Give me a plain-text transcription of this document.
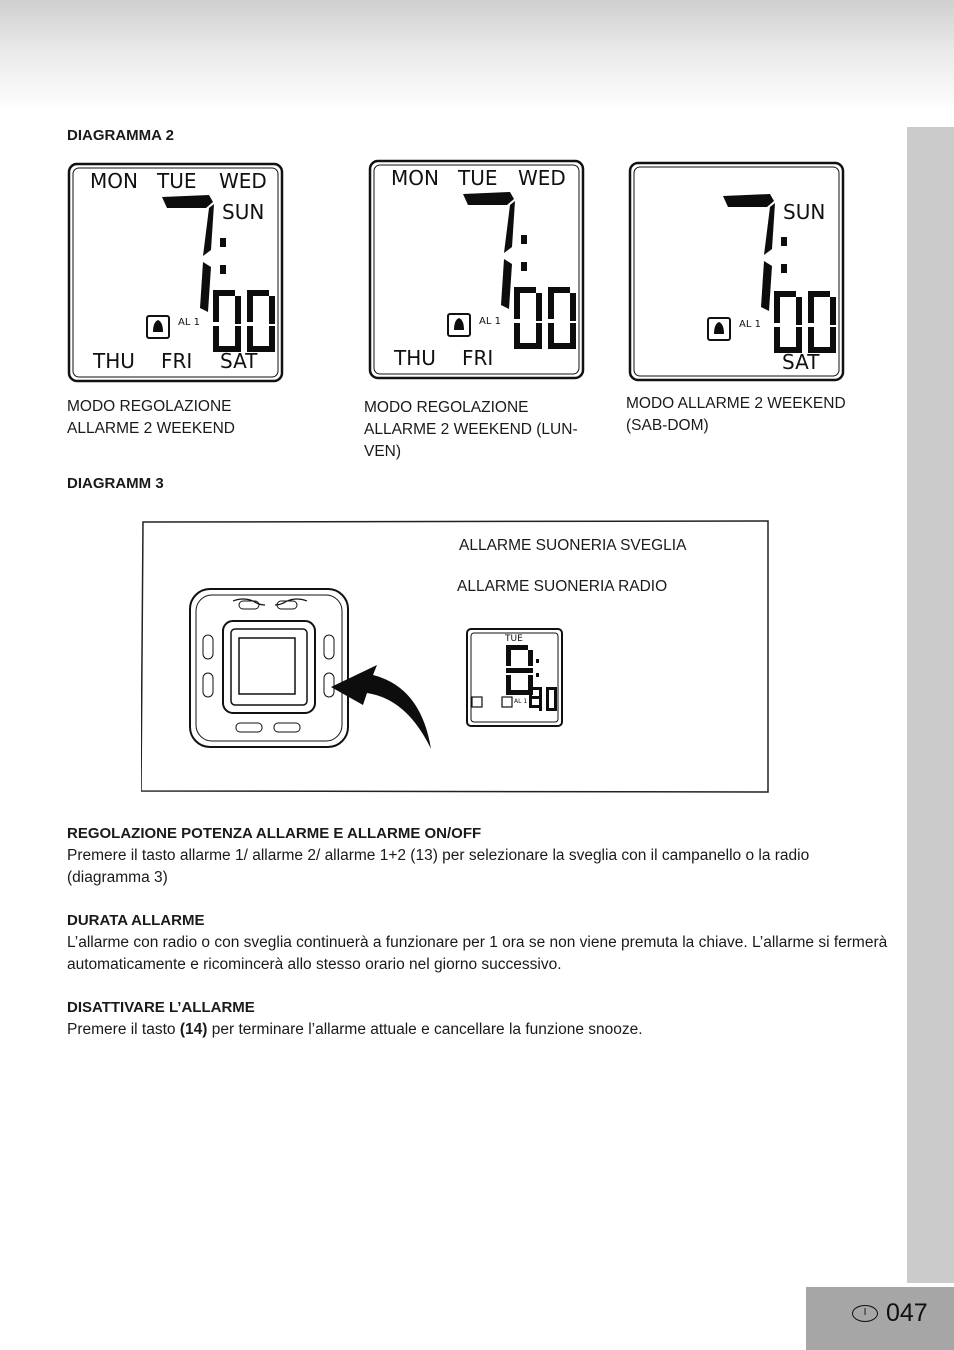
DIAGRAMMA 2

MON TUE WED
SUN
AL 1
THU FRI SAT
MON TUE WED
AL 1
THU FRI
SUN
AL 1
SAT

MODO REGOLAZIONE
ALLARME 2 WEEKEND

MODO REGOLAZIONE
ALLARME 2 WEEKEND (LUN-
VEN)

MODO ALLARME 2 WEEKEND
(SAB-DOM)

DIAGRAMM 3

TUE
AL 1

ALLARME SUONERIA SVEGLIA

ALLARME SUONERIA RADIO

REGOLAZIONE POTENZA ALLARME E ALLARME ON/OFF

Premere il tasto allarme 1/ allarme 2/ allarme 1+2 (13) per selezionare la sveglia con il campanello o la radio (diagramma 3)

DURATA ALLARME

L’allarme con radio o con sveglia continuerà a funzionare per 1 ora se non viene premuta la chiave. L’allarme si fermerà automaticamente e ricomincerà allo stesso orario nel giorno successivo.

DISATTIVARE L’ALLARME

Premere il tasto (14) per terminare l’allarme attuale e cancellare la funzione snooze.

I 047
